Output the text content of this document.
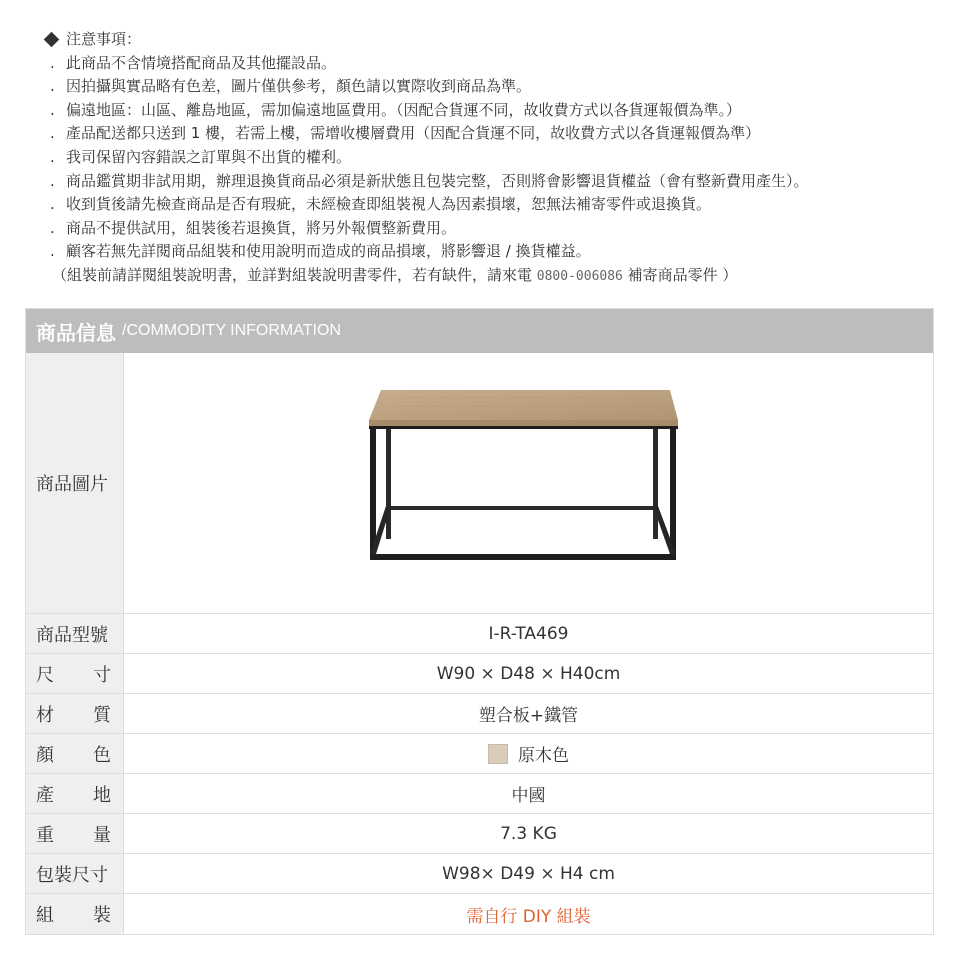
注意事項：
. 此商品不含情境搭配商品及其他擺設品。
. 因拍攝與實品略有色差，圖片僅供參考，顏色請以實際收到商品為準。
. 偏遠地區：山區、離島地區，需加偏遠地區費用。（因配合貨運不同，故收費方式以各貨運報價為準。）
. 產品配送都只送到 1 樓，若需上樓，需增收樓層費用（因配合貨運不同，故收費方式以各貨運報價為準）
. 我司保留內容錯誤之訂單與不出貨的權利。
. 商品鑑賞期非試用期，辦理退換貨商品必須是新狀態且包裝完整，否則將會影響退貨權益（會有整新費用產生）。
. 收到貨後請先檢查商品是否有瑕疵，未經檢查即組裝視人為因素損壞，恕無法補寄零件或退換貨。
. 商品不提供試用，組裝後若退換貨，將另外報價整新費用。
. 顧客若無先詳閱商品組裝和使用說明而造成的商品損壞，將影響退 / 換貨權益。
（組裝前請詳閱組裝說明書，並詳對組裝說明書零件，若有缺件，請來電 0800-006086 補寄商品零件 ）
商品信息 /COMMODITY INFORMATION
商品圖片
商品型號	I-R-TA469
尺 寸	W90 × D48 × H40cm
材 質	塑合板+鐵管
顏 色	原木色
產 地	中國
重 量	7.3 KG
包裝尺寸	W98× D49 × H4 cm
組 裝	需自行 DIY 組裝
